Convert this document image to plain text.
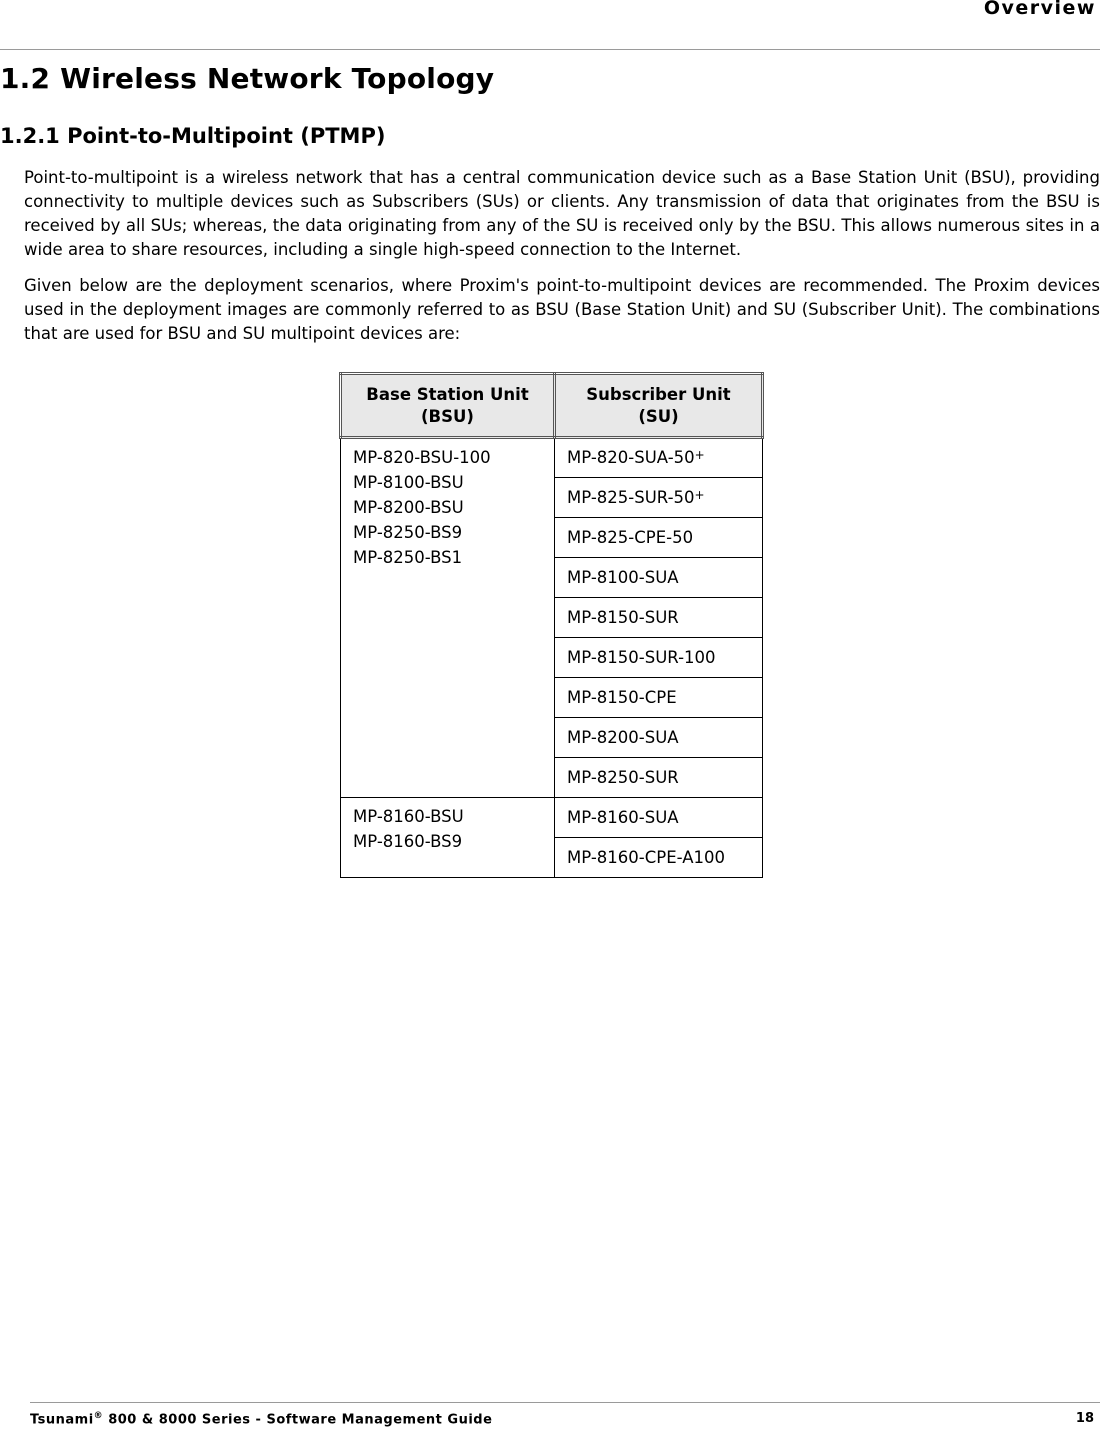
Overview
1.2 Wireless Network Topology
1.2.1 Point-to-Multipoint (PTMP)

Point-to-multipoint is a wireless network that has a central communication device such as a Base Station Unit (BSU), providing connectivity to multiple devices such as Subscribers (SUs) or clients. Any transmission of data that originates from the BSU is received by all SUs; whereas, the data originating from any of the SU is received only by the BSU. This allows numerous sites in a wide area to share resources, including a single high-speed connection to the Internet.

Given below are the deployment scenarios, where Proxim's point-to-multipoint devices are recommended. The Proxim devices used in the deployment images are commonly referred to as BSU (Base Station Unit) and SU (Subscriber Unit). The combinations that are used for BSU and SU multipoint devices are:

Base Station Unit
(BSU)	Subscriber Unit
(SU)

MP-820-BSU-100
MP-8100-BSU
MP-8200-BSU
MP-8250-BS9
MP-8250-BS1	MP-820-SUA-50+
	MP-825-SUR-50+
	MP-825-CPE-50
	MP-8100-SUA
	MP-8150-SUR
	MP-8150-SUR-100
	MP-8150-CPE
	MP-8200-SUA
	MP-8250-SUR

MP-8160-BSU
MP-8160-BS9	MP-8160-SUA
	MP-8160-CPE-A100
Tsunami® 800 & 8000 Series - Software Management Guide	18
